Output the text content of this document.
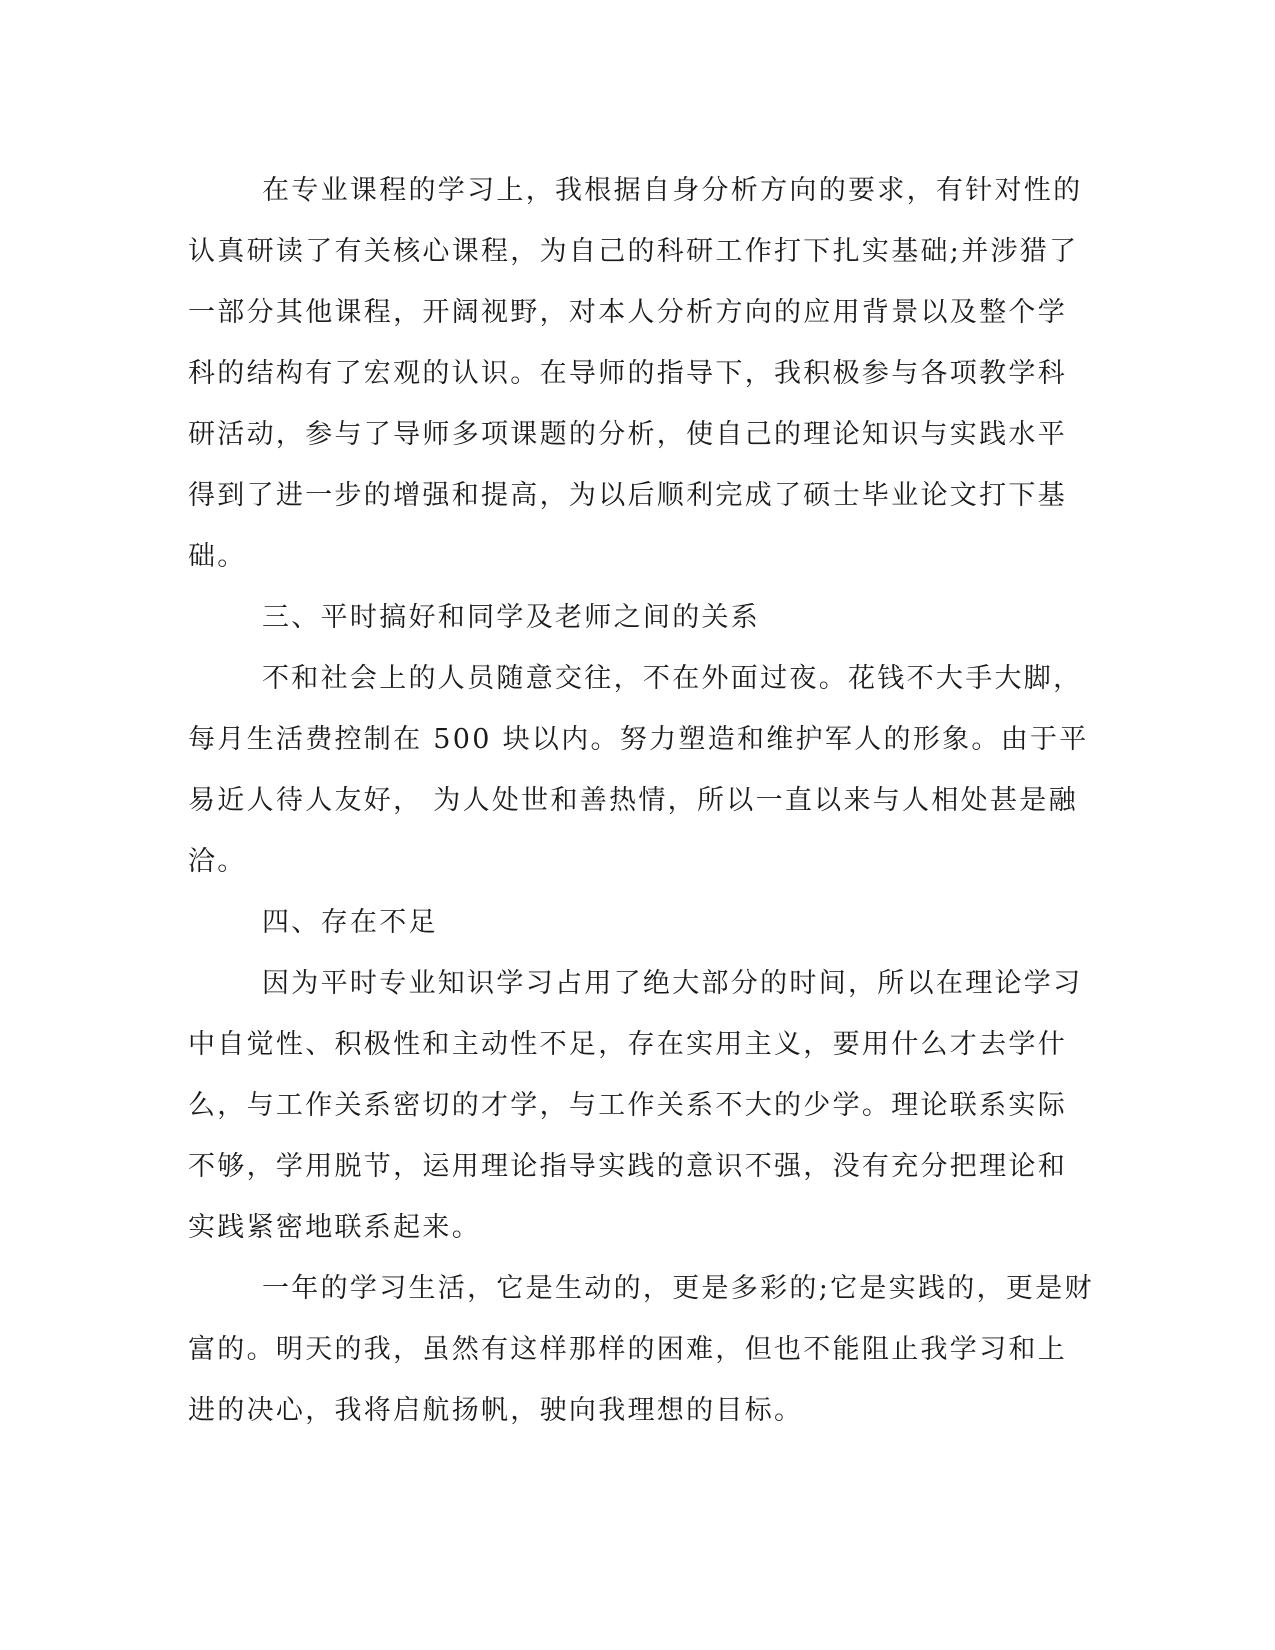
在专业课程的学习上，我根据自身分析方向的要求，有针对性的
认真研读了有关核心课程，为自己的科研工作打下扎实基础;并涉猎了
一部分其他课程，开阔视野，对本人分析方向的应用背景以及整个学
科的结构有了宏观的认识。在导师的指导下，我积极参与各项教学科
研活动，参与了导师多项课题的分析，使自己的理论知识与实践水平
得到了进一步的增强和提高，为以后顺利完成了硕士毕业论文打下基
础。
三、平时搞好和同学及老师之间的关系
不和社会上的人员随意交往，不在外面过夜。花钱不大手大脚，
每月生活费控制在 500 块以内。努力塑造和维护军人的形象。由于平
易近人待人友好， 为人处世和善热情，所以一直以来与人相处甚是融
洽。
四、存在不足
因为平时专业知识学习占用了绝大部分的时间，所以在理论学习
中自觉性、积极性和主动性不足，存在实用主义，要用什么才去学什
么，与工作关系密切的才学，与工作关系不大的少学。理论联系实际
不够，学用脱节，运用理论指导实践的意识不强，没有充分把理论和
实践紧密地联系起来。
一年的学习生活，它是生动的，更是多彩的;它是实践的，更是财
富的。明天的我，虽然有这样那样的困难，但也不能阻止我学习和上
进的决心，我将启航扬帆，驶向我理想的目标。
